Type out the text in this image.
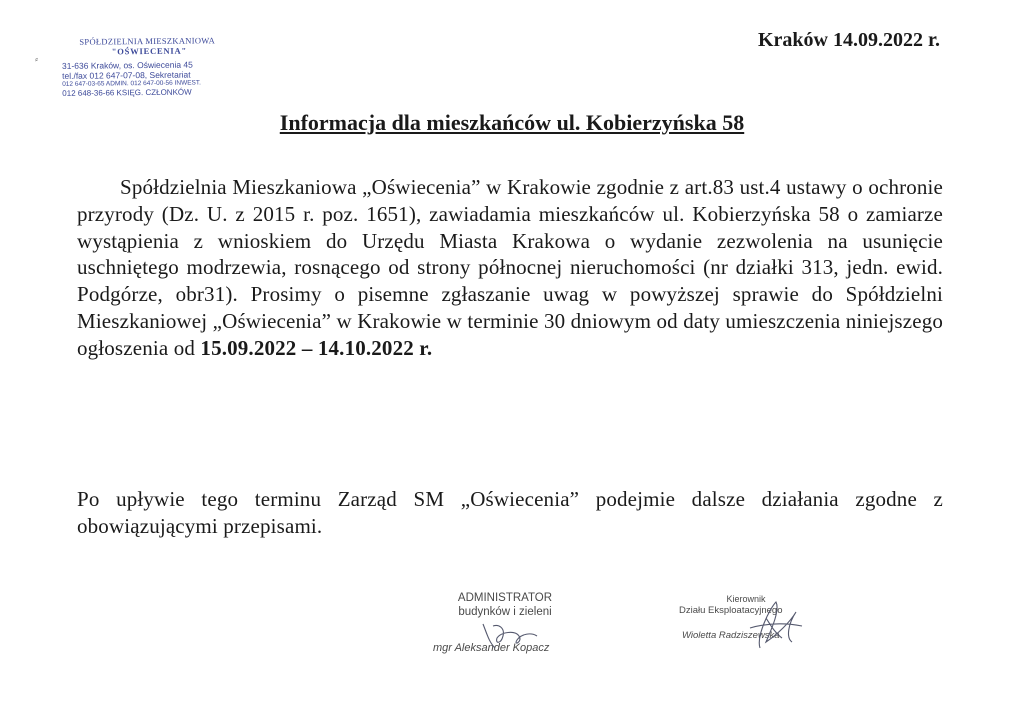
SPÓŁDZIELNIA MIESZKANIOWA
"OŚWIECENIA"
31-636 Kraków, os. Oświecenia 45
tel./fax 012 647-07-08, Sekretariat
012 647-03-65 ADMIN. 012 647-00-56 INWEST.
012 648-36-66 KSIĘG. CZŁONKÓW
⸗
Kraków 14.09.2022 r.
Informacja dla mieszkańców ul. Kobierzyńska 58

Spółdzielnia Mieszkaniowa „Oświecenia” w Krakowie zgodnie z art.83 ust.4 ustawy o ochronie przyrody (Dz. U. z 2015 r. poz. 1651), zawiadamia mieszkańców ul. Kobierzyńska 58 o zamiarze wystąpienia z wnioskiem do Urzędu Miasta Krakowa o wydanie zezwolenia na usunięcie uschniętego modrzewia, rosnącego od strony północnej nieruchomości (nr działki 313, jedn. ewid. Podgórze, obr31). Prosimy o pisemne zgłaszanie uwag w powyższej sprawie do Spółdzielni Mieszkaniowej „Oświecenia” w Krakowie w terminie 30 dniowym od daty umieszczenia niniejszego ogłoszenia od 15.09.2022 – 14.10.2022 r.

Po upływie tego terminu Zarząd SM „Oświecenia” podejmie dalsze działania zgodne z obowiązującymi przepisami.

ADMINISTRATOR
budynków i zieleni
mgr Aleksander Kopacz
Kierownik
Działu Eksploatacyjnego
Wioletta Radziszewska
